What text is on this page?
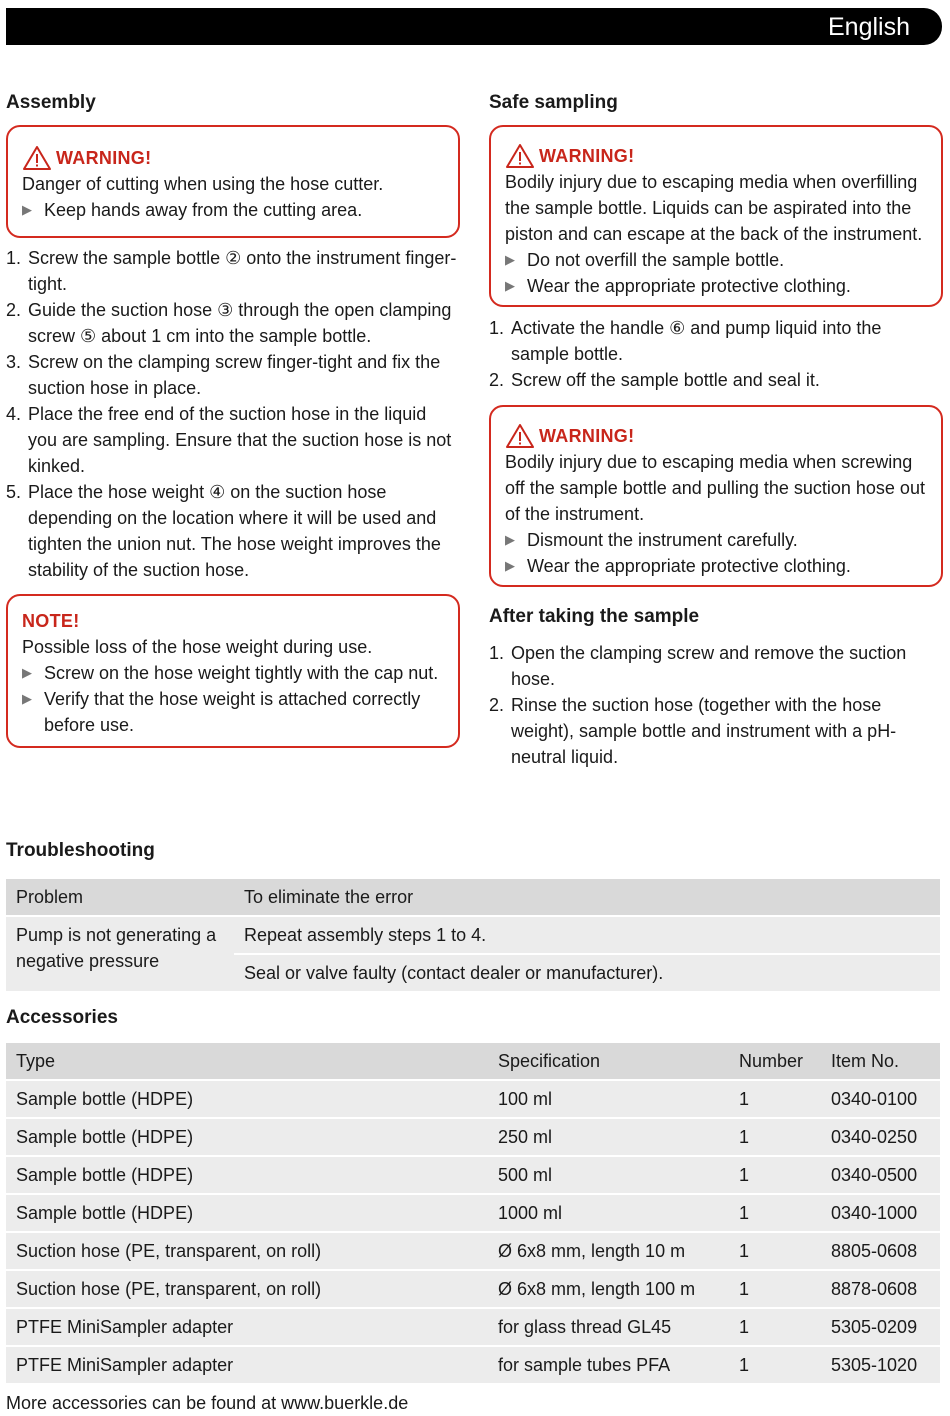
English
Assembly
WARNING!
Danger of cutting when using the hose cutter.
▶ Keep hands away from the cutting area.
1. Screw the sample bottle ② onto the instrument finger-tight.
2. Guide the suction hose ③ through the open clamping screw ⑤ about 1 cm into the sample bottle.
3. Screw on the clamping screw finger-tight and fix the suction hose in place.
4. Place the free end of the suction hose in the liquid you are sampling. Ensure that the suction hose is not kinked.
5. Place the hose weight ④ on the suction hose depending on the location where it will be used and tighten the union nut. The hose weight improves the stability of the suction hose.
NOTE!
Possible loss of the hose weight during use.
▶ Screw on the hose weight tightly with the cap nut.
▶ Verify that the hose weight is attached correctly before use.
Safe sampling
WARNING!
Bodily injury due to escaping media when overfilling the sample bottle. Liquids can be aspirated into the piston and can escape at the back of the instrument.
▶ Do not overfill the sample bottle.
▶ Wear the appropriate protective clothing.
1. Activate the handle ⑥ and pump liquid into the sample bottle.
2. Screw off the sample bottle and seal it.
WARNING!
Bodily injury due to escaping media when screwing off the sample bottle and pulling the suction hose out of the instrument.
▶ Dismount the instrument carefully.
▶ Wear the appropriate protective clothing.
After taking the sample
1. Open the clamping screw and remove the suction hose.
2. Rinse the suction hose (together with the hose weight), sample bottle and instrument with a pH-neutral liquid.
Troubleshooting
Problem	To eliminate the error
Pump is not generating a negative pressure	Repeat assembly steps 1 to 4.
	Seal or valve faulty (contact dealer or manufacturer).
Accessories
Type	Specification	Number	Item No.
Sample bottle (HDPE)	100 ml	1	0340-0100
Sample bottle (HDPE)	250 ml	1	0340-0250
Sample bottle (HDPE)	500 ml	1	0340-0500
Sample bottle (HDPE)	1000 ml	1	0340-1000
Suction hose (PE, transparent, on roll)	Ø 6x8 mm, length 10 m	1	8805-0608
Suction hose (PE, transparent, on roll)	Ø 6x8 mm, length 100 m	1	8878-0608
PTFE MiniSampler adapter	for glass thread GL45	1	5305-0209
PTFE MiniSampler adapter	for sample tubes PFA	1	5305-1020
More accessories can be found at www.buerkle.de
